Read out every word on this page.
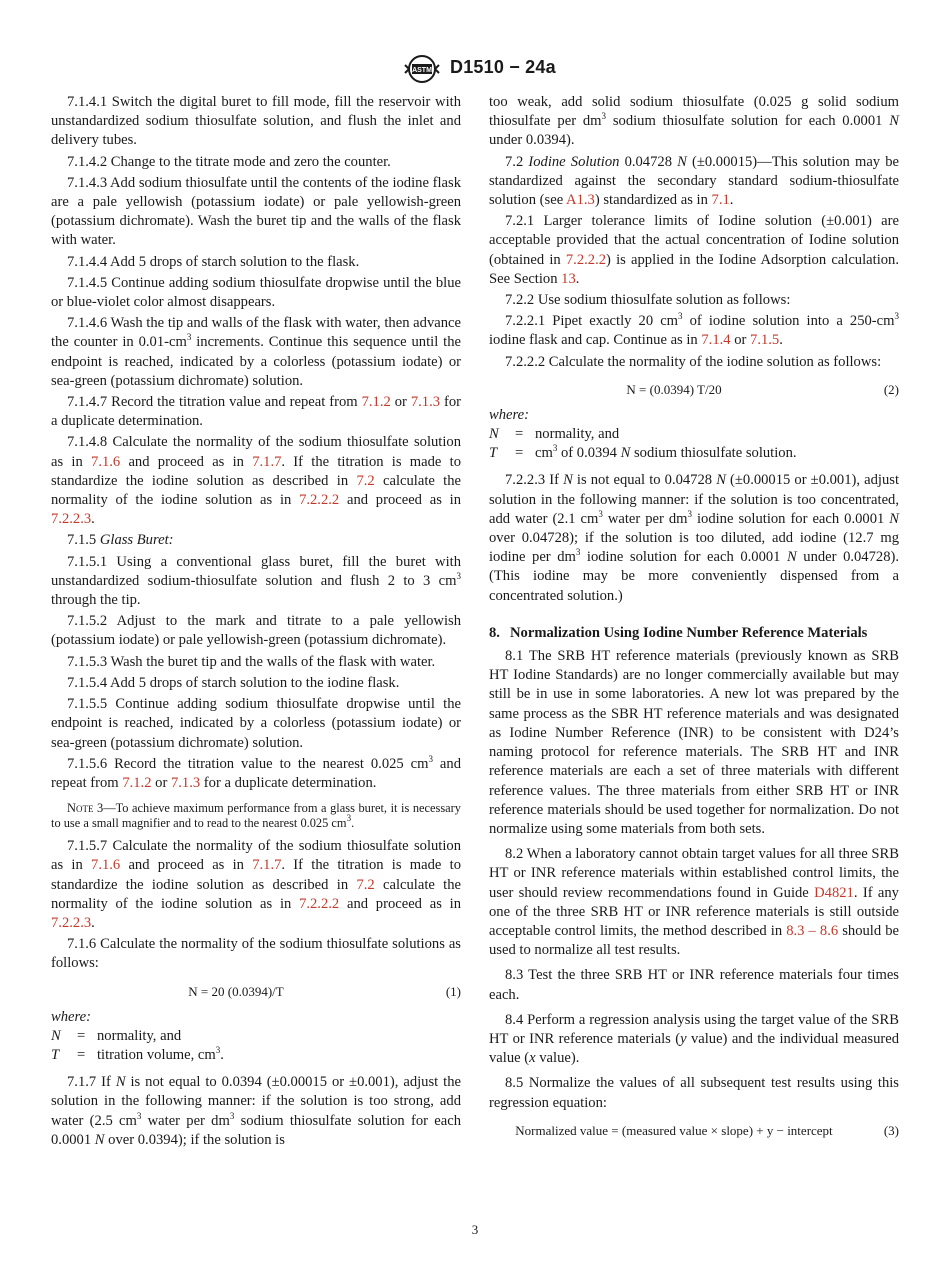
ASTM D1510 − 24a

7.1.4.1 Switch the digital buret to fill mode, fill the reservoir with unstandardized sodium thiosulfate solution, and flush the inlet and delivery tubes.

7.1.4.2 Change to the titrate mode and zero the counter.

7.1.4.3 Add sodium thiosulfate until the contents of the iodine flask are a pale yellowish (potassium iodate) or pale yellowish-green (potassium dichromate). Wash the buret tip and the walls of the flask with water.

7.1.4.4 Add 5 drops of starch solution to the flask.

7.1.4.5 Continue adding sodium thiosulfate dropwise until the blue or blue-violet color almost disappears.

7.1.4.6 Wash the tip and walls of the flask with water, then advance the counter in $0.01-cm^3$ increments. Continue this sequence until the endpoint is reached, indicated by a colorless (potassium iodate) or sea-green (potassium dichromate) solution.

7.1.4.7 Record the titration value and repeat from 7.1.2 or 7.1.3 for a duplicate determination.

7.1.4.8 Calculate the normality of the sodium thiosulfate solution as in 7.1.6 and proceed as in 7.1.7. If the titration is made to standardize the iodine solution as described in 7.2 calculate the normality of the iodine solution as in 7.2.2.2 and proceed as in 7.2.2.3.

7.1.5 Glass Buret:

7.1.5.1 Using a conventional glass buret, fill the buret with unstandardized sodium-thiosulfate solution and flush 2 to 3 $cm^3$ through the tip.

7.1.5.2 Adjust to the mark and titrate to a pale yellowish (potassium iodate) or pale yellowish-green (potassium dichromate).

7.1.5.3 Wash the buret tip and the walls of the flask with water.

7.1.5.4 Add 5 drops of starch solution to the iodine flask.

7.1.5.5 Continue adding sodium thiosulfate dropwise until the endpoint is reached, indicated by a colorless (potassium iodate) or sea-green (potassium dichromate) solution.

7.1.5.6 Record the titration value to the nearest 0.025 $cm^3$ and repeat from 7.1.2 or 7.1.3 for a duplicate determination.

Note 3—To achieve maximum performance from a glass buret, it is necessary to use a small magnifier and to read to the nearest 0.025 $cm^3$.

7.1.5.7 Calculate the normality of the sodium thiosulfate solution as in 7.1.6 and proceed as in 7.1.7. If the titration is made to standardize the iodine solution as described in 7.2 calculate the normality of the iodine solution as in 7.2.2.2 and proceed as in 7.2.2.3.

7.1.6 Calculate the normality of the sodium thiosulfate solutions as follows:

N = 20 (0.0394)/T	(1)

where:

N	= normality, and
T	= titration volume, $cm^3$.

7.1.7 If N is not equal to 0.0394 (±0.00015 or ±0.001), adjust the solution in the following manner: if the solution is too strong, add water (2.5 $cm^3$ water per $dm^3$ sodium thiosulfate solution for each 0.0001 N over 0.0394); if the solution is

too weak, add solid sodium thiosulfate (0.025 g solid sodium thiosulfate per $dm^3$ sodium thiosulfate solution for each 0.0001 N under 0.0394).

7.2 Iodine Solution 0.04728 N (±0.00015)—This solution may be standardized against the secondary standard sodium-thiosulfate solution (see A1.3) standardized as in 7.1.

7.2.1 Larger tolerance limits of Iodine solution (±0.001) are acceptable provided that the actual concentration of Iodine solution (obtained in 7.2.2.2) is applied in the Iodine Adsorption calculation. See Section 13.

7.2.2 Use sodium thiosulfate solution as follows:

7.2.2.1 Pipet exactly 20 $cm^3$ of iodine solution into a $250-cm^3$ iodine flask and cap. Continue as in 7.1.4 or 7.1.5.

7.2.2.2 Calculate the normality of the iodine solution as follows:

N = (0.0394) T/20	(2)

where:

N	= normality, and
T	= $cm^3$ of 0.0394 N sodium thiosulfate solution.

7.2.2.3 If N is not equal to 0.04728 N (±0.00015 or ±0.001), adjust solution in the following manner: if the solution is too concentrated, add water (2.1 $cm^3$ water per $dm^3$ iodine solution for each 0.0001 N over 0.04728); if the solution is too diluted, add iodine (12.7 mg iodine per $dm^3$ iodine solution for each 0.0001 N under 0.04728). (This iodine may be more conveniently dispensed from a concentrated solution.)

8. Normalization Using Iodine Number Reference Materials

8.1 The SRB HT reference materials (previously known as SRB HT Iodine Standards) are no longer commercially available but may still be in use in some laboratories. A new lot was prepared by the same process as the SBR HT reference materials and was designated as Iodine Number Reference (INR) to be consistent with D24’s naming protocol for reference materials. The SRB HT and INR reference materials are each a set of three materials with different reference values. The three materials from either SRB HT or INR reference materials should be used together for normalization. Do not normalize using some materials from both sets.

8.2 When a laboratory cannot obtain target values for all three SRB HT or INR reference materials within established control limits, the user should review recommendations found in Guide D4821. If any one of the three SRB HT or INR reference materials is still outside acceptable control limits, the method described in 8.3 – 8.6 should be used to normalize all test results.

8.3 Test the three SRB HT or INR reference materials four times each.

8.4 Perform a regression analysis using the target value of the SRB HT or INR reference materials (y value) and the individual measured value (x value).

8.5 Normalize the values of all subsequent test results using this regression equation:

Normalized value = (measured value × slope) + y − intercept	(3)
3
